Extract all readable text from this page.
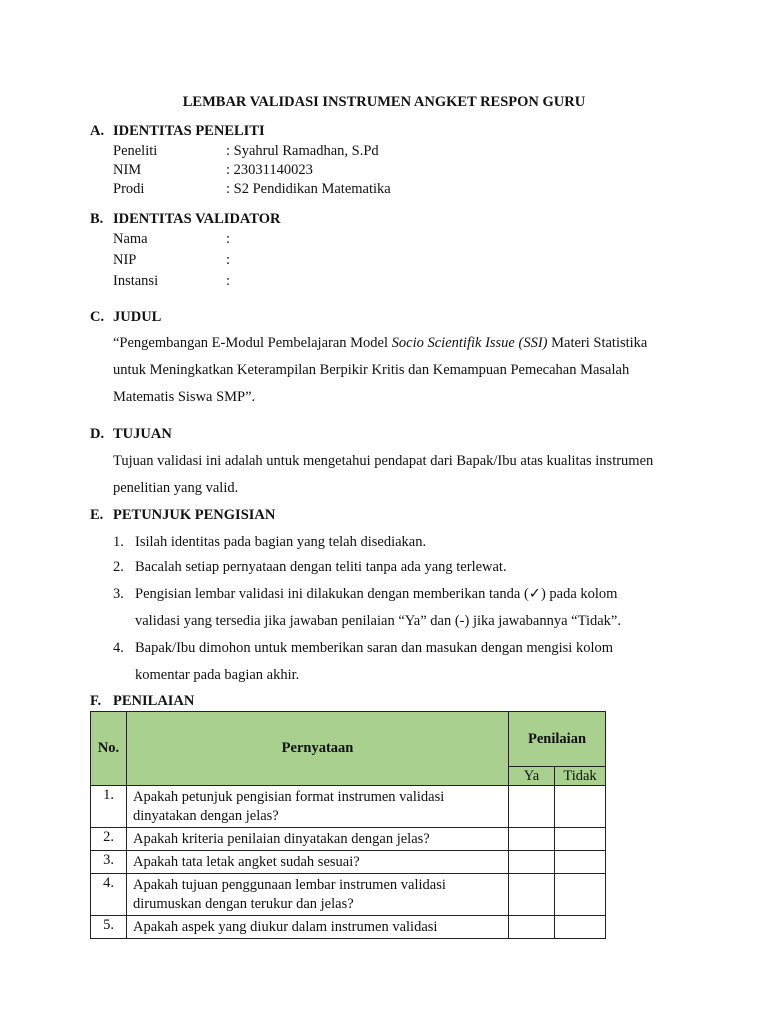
LEMBAR VALIDASI INSTRUMEN ANGKET RESPON GURU
A. IDENTITAS PENELITI
Peneliti	: Syahrul Ramadhan, S.Pd
NIM	: 23031140023
Prodi	: S2 Pendidikan Matematika
B. IDENTITAS VALIDATOR
Nama	:
NIP	:
Instansi	:
C. JUDUL
“Pengembangan E-Modul Pembelajaran Model Socio Scientifik Issue (SSI) Materi Statistika
untuk Meningkatkan Keterampilan Berpikir Kritis dan Kemampuan Pemecahan Masalah
Matematis Siswa SMP”.
D. TUJUAN
Tujuan validasi ini adalah untuk mengetahui pendapat dari Bapak/Ibu atas kualitas instrumen
penelitian yang valid.
E. PETUNJUK PENGISIAN
1. Isilah identitas pada bagian yang telah disediakan.
2. Bacalah setiap pernyataan dengan teliti tanpa ada yang terlewat.
3. Pengisian lembar validasi ini dilakukan dengan memberikan tanda (✓) pada kolom
validasi yang tersedia jika jawaban penilaian “Ya” dan (-) jika jawabannya “Tidak”.
4. Bapak/Ibu dimohon untuk memberikan saran dan masukan dengan mengisi kolom
komentar pada bagian akhir.
F. PENILAIAN
No.	Pernyataan	Penilaian	
		Ya	Tidak
1.	Apakah petunjuk pengisian format instrumen validasi
dinyatakan dengan jelas?		

2.	Apakah kriteria penilaian dinyatakan dengan jelas?		

3.	Apakah tata letak angket sudah sesuai?		

4.	Apakah tujuan penggunaan lembar instrumen validasi
dirumuskan dengan terukur dan jelas?		

5.	Apakah aspek yang diukur dalam instrumen validasi		
